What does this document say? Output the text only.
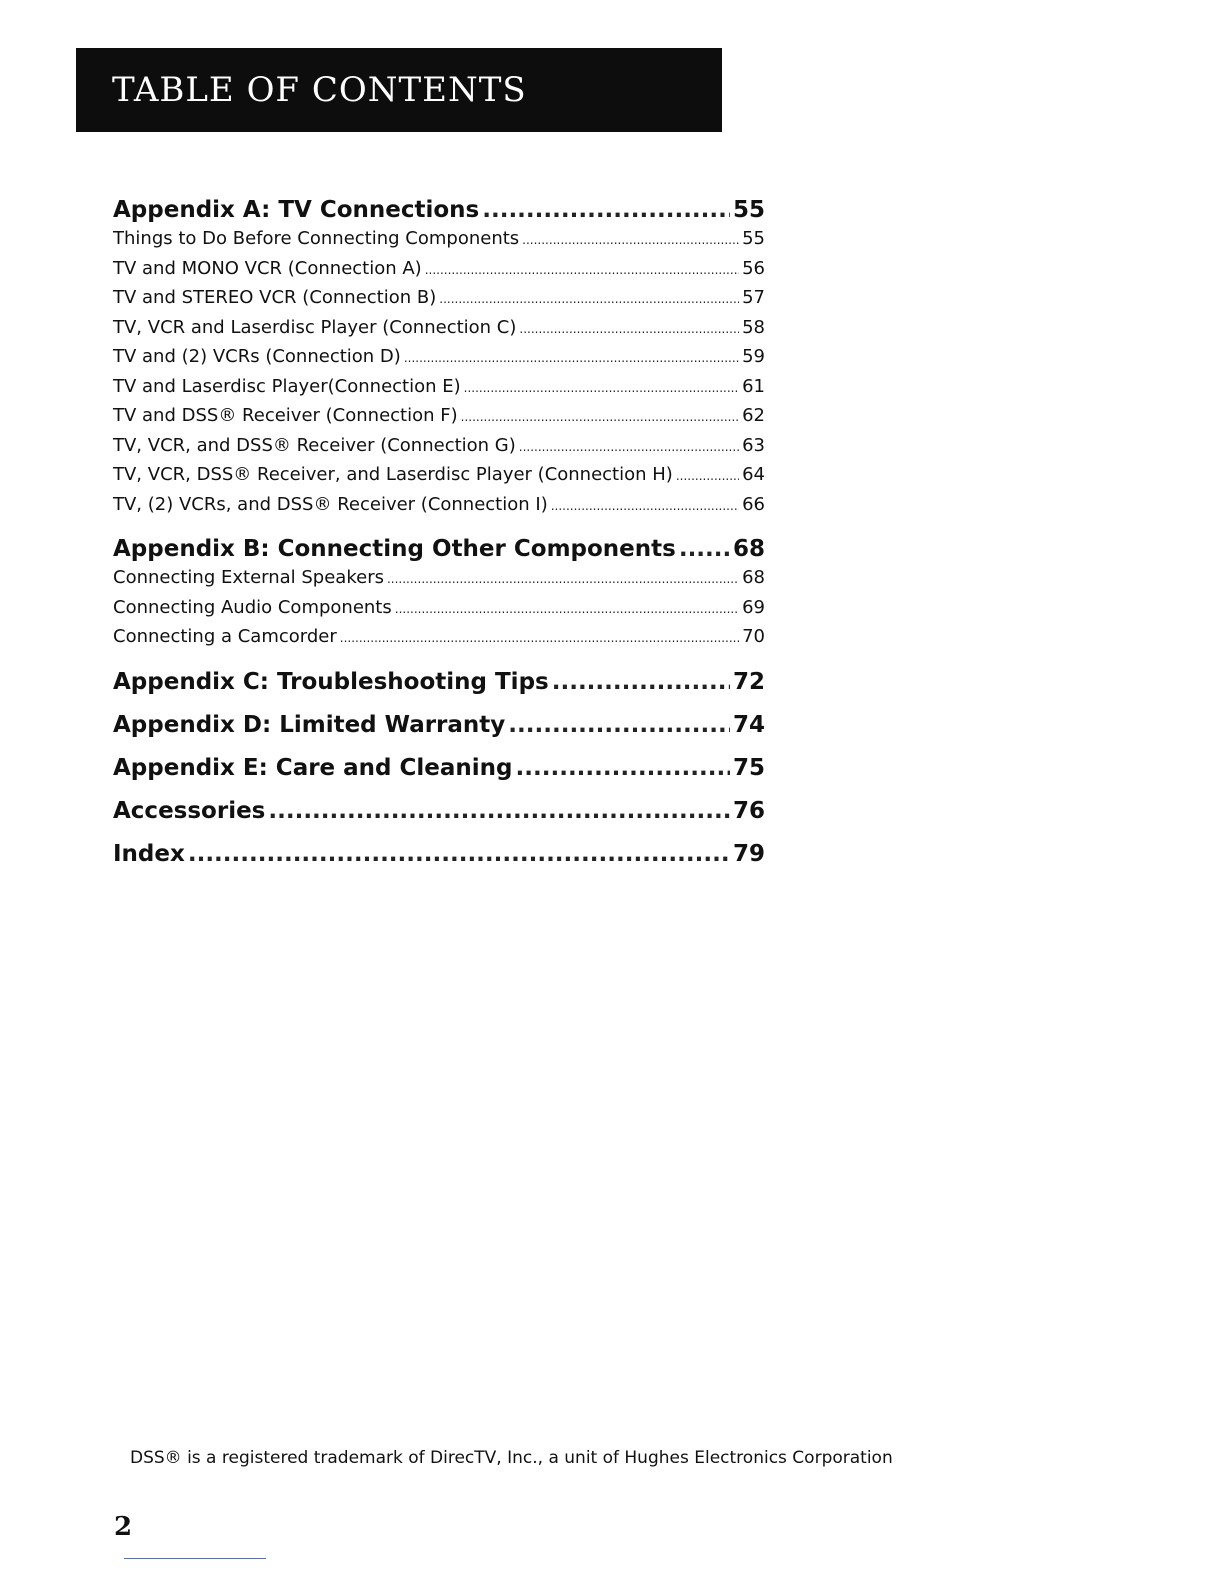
TABLE OF CONTENTS
Appendix A: TV Connections .....	55
Things to Do Before Connecting Components .....	55
TV and MONO VCR (Connection A) .....	56
TV and STEREO VCR (Connection B) .....	57
TV, VCR and Laserdisc Player (Connection C) .....	58
TV and (2) VCRs (Connection D) .....	59
TV and Laserdisc Player(Connection E) .....	61
TV and DSS® Receiver (Connection F) .....	62
TV, VCR, and DSS® Receiver (Connection G) .....	63
TV, VCR, DSS® Receiver, and Laserdisc Player (Connection H) .....	64
TV, (2) VCRs, and DSS® Receiver (Connection I) .....	66
Appendix B: Connecting Other Components ..... 68
Connecting External Speakers .....	68
Connecting Audio Components .....	69
Connecting a Camcorder .....	70
Appendix C: Troubleshooting Tips .....	72
Appendix D: Limited Warranty .....	74
Appendix E: Care and Cleaning .....	75
Accessories .....	76
Index .....	79
DSS® is a registered trademark of DirecTV, Inc., a unit of Hughes Electronics Corporation
2
